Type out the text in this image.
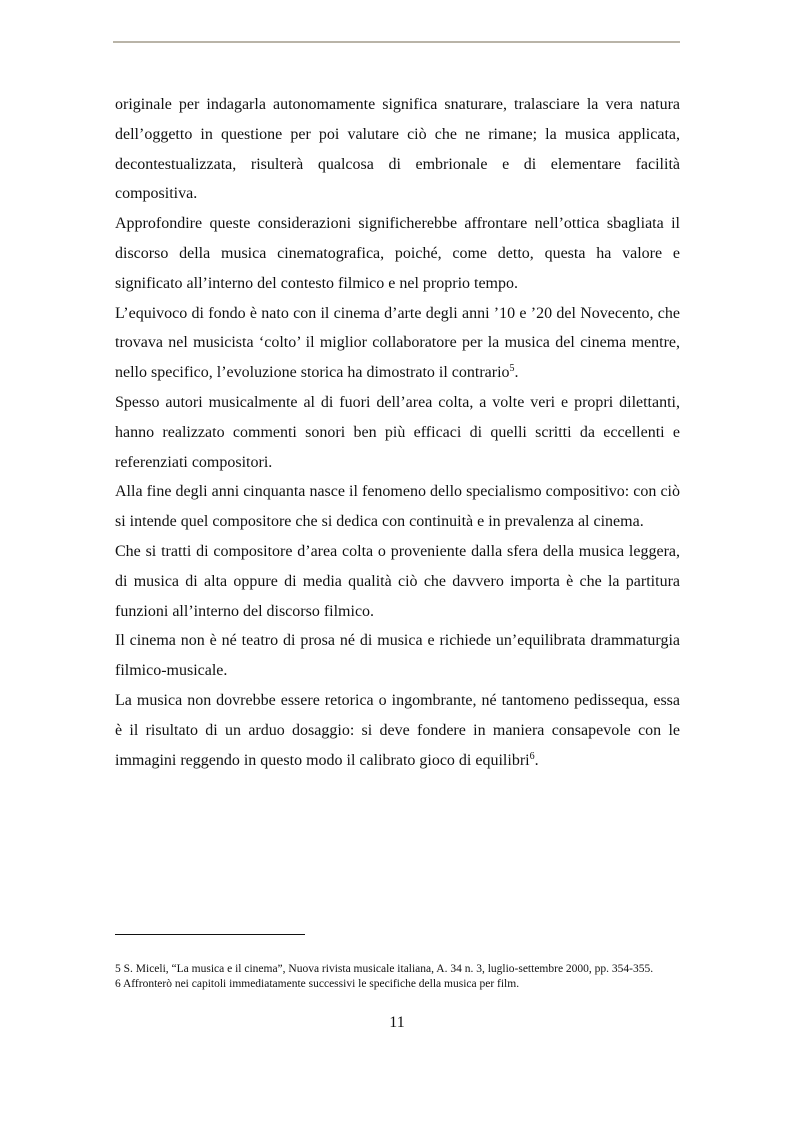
originale per indagarla autonomamente significa snaturare, tralasciare la vera natura dell’oggetto in questione per poi valutare ciò che ne rimane; la musica applicata, decontestualizzata, risulterà qualcosa di embrionale e di elementare facilità compositiva.

Approfondire queste considerazioni significherebbe affrontare nell’ottica sbagliata il discorso della musica cinematografica, poiché, come detto, questa ha valore e significato all’interno del contesto filmico e nel proprio tempo.

L’equivoco di fondo è nato con il cinema d’arte degli anni ’10 e ’20 del Novecento, che trovava nel musicista ‘colto’ il miglior collaboratore per la musica del cinema mentre, nello specifico, l’evoluzione storica ha dimostrato il contrario$^5$.

Spesso autori musicalmente al di fuori dell’area colta, a volte veri e propri dilettanti, hanno realizzato commenti sonori ben più efficaci di quelli scritti da eccellenti e referenziati compositori.

Alla fine degli anni cinquanta nasce il fenomeno dello specialismo compositivo: con ciò si intende quel compositore che si dedica con continuità e in prevalenza al cinema.

Che si tratti di compositore d’area colta o proveniente dalla sfera della musica leggera, di musica di alta oppure di media qualità ciò che davvero importa è che la partitura funzioni all’interno del discorso filmico.

Il cinema non è né teatro di prosa né di musica e richiede un’equilibrata drammaturgia filmico-musicale.

La musica non dovrebbe essere retorica o ingombrante, né tantomeno pedissequa, essa è il risultato di un arduo dosaggio: si deve fondere in maniera consapevole con le immagini reggendo in questo modo il calibrato gioco di equilibri$^6$.

5 S. Miceli, “La musica e il cinema”, Nuova rivista musicale italiana, A. 34 n. 3, luglio-settembre 2000, pp. 354-355.

6 Affronterò nei capitoli immediatamente successivi le specifiche della musica per film.

11
